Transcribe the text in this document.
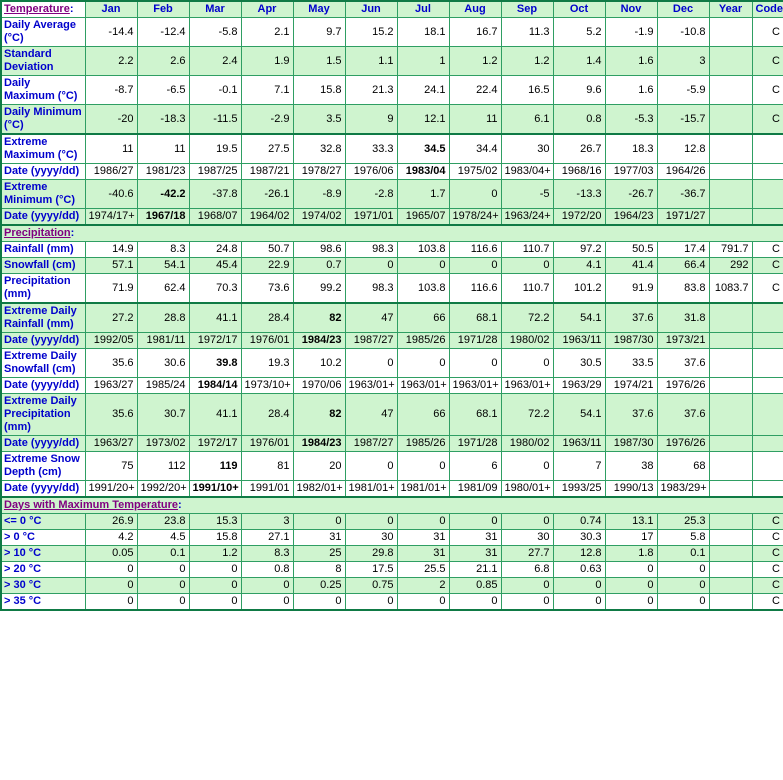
Temperature:	Jan	Feb	Mar	Apr	May	Jun	Jul	Aug	Sep	Oct	Nov	Dec	Year	Code
Daily Average (°C)	-14.4	-12.4	-5.8	2.1	9.7	15.2	18.1	16.7	11.3	5.2	-1.9	-10.8		C
Standard Deviation	2.2	2.6	2.4	1.9	1.5	1.1	1	1.2	1.2	1.4	1.6	3		C
Daily Maximum (°C)	-8.7	-6.5	-0.1	7.1	15.8	21.3	24.1	22.4	16.5	9.6	1.6	-5.9		C
Daily Minimum (°C)	-20	-18.3	-11.5	-2.9	3.5	9	12.1	11	6.1	0.8	-5.3	-15.7		C
Extreme Maximum (°C)	11	11	19.5	27.5	32.8	33.3	34.5	34.4	30	26.7	18.3	12.8		
Date (yyyy/dd)	1986/27	1981/23	1987/25	1987/21	1978/27	1976/06	1983/04	1975/02	1983/04+	1968/16	1977/03	1964/26		
Extreme Minimum (°C)	-40.6	-42.2	-37.8	-26.1	-8.9	-2.8	1.7	0	-5	-13.3	-26.7	-36.7		
Date (yyyy/dd)	1974/17+	1967/18	1968/07	1964/02	1974/02	1971/01	1965/07	1978/24+	1963/24+	1972/20	1964/23	1971/27		
Precipitation:														
Rainfall (mm)	14.9	8.3	24.8	50.7	98.6	98.3	103.8	116.6	110.7	97.2	50.5	17.4	791.7	C
Snowfall (cm)	57.1	54.1	45.4	22.9	0.7	0	0	0	0	4.1	41.4	66.4	292	C
Precipitation (mm)	71.9	62.4	70.3	73.6	99.2	98.3	103.8	116.6	110.7	101.2	91.9	83.8	1083.7	C
Extreme Daily Rainfall (mm)	27.2	28.8	41.1	28.4	82	47	66	68.1	72.2	54.1	37.6	31.8		
Date (yyyy/dd)	1992/05	1981/11	1972/17	1976/01	1984/23	1987/27	1985/26	1971/28	1980/02	1963/11	1987/30	1973/21		
Extreme Daily Snowfall (cm)	35.6	30.6	39.8	19.3	10.2	0	0	0	0	30.5	33.5	37.6		
Date (yyyy/dd)	1963/27	1985/24	1984/14	1973/10+	1970/06	1963/01+	1963/01+	1963/01+	1963/01+	1963/29	1974/21	1976/26		
Extreme Daily Precipitation (mm)	35.6	30.7	41.1	28.4	82	47	66	68.1	72.2	54.1	37.6	37.6		
Date (yyyy/dd)	1963/27	1973/02	1972/17	1976/01	1984/23	1987/27	1985/26	1971/28	1980/02	1963/11	1987/30	1976/26		
Extreme Snow Depth (cm)	75	112	119	81	20	0	0	6	0	7	38	68		
Date (yyyy/dd)	1991/20+	1992/20+	1991/10+	1991/01	1982/01+	1981/01+	1981/01+	1981/09	1980/01+	1993/25	1990/13	1983/29+		
Days with Maximum Temperature:														
<= 0 °C	26.9	23.8	15.3	3	0	0	0	0	0	0.74	13.1	25.3		C
> 0 °C	4.2	4.5	15.8	27.1	31	30	31	31	30	30.3	17	5.8		C
> 10 °C	0.05	0.1	1.2	8.3	25	29.8	31	31	27.7	12.8	1.8	0.1		C
> 20 °C	0	0	0	0.8	8	17.5	25.5	21.1	6.8	0.63	0	0		C
> 30 °C	0	0	0	0	0.25	0.75	2	0.85	0	0	0	0		C
> 35 °C	0	0	0	0	0	0	0	0	0	0	0	0		C
